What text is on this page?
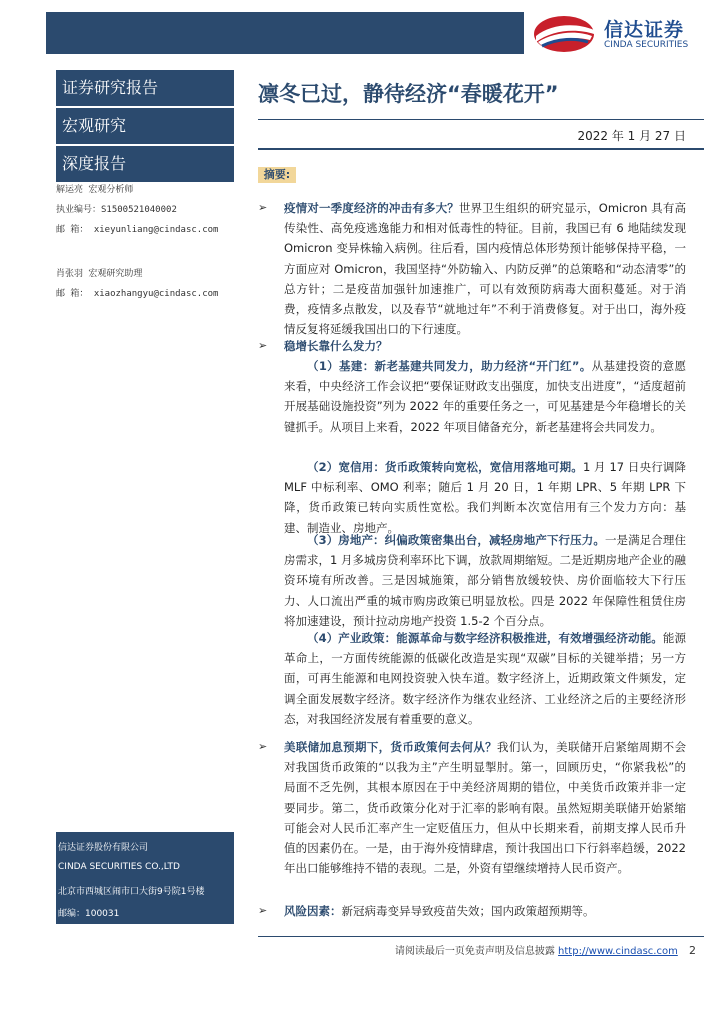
信达证券
CINDA SECURITIES
证券研究报告
宏观研究
深度报告
解运亮 宏观分析师
执业编号：S1500521040002
邮 箱： xieyunliang@cindasc.com
肖张羽 宏观研究助理
邮 箱： xiaozhangyu@cindasc.com
信达证券股份有限公司
CINDA SECURITIES CO.,LTD
北京市西城区闹市口大街9号院1号楼
邮编：100031
凛冬已过，静待经济“春暖花开”
2022 年 1 月 27 日
摘要:
➢ 疫情对一季度经济的冲击有多大？世界卫生组织的研究显示，Omicron 具有高传染性、高免疫逃逸能力和相对低毒性的特征。目前，我国已有 6 地陆续发现 Omicron 变异株输入病例。往后看，国内疫情总体形势预计能够保持平稳，一方面应对 Omicron，我国坚持“外防输入、内防反弹”的总策略和“动态清零”的总方针；二是疫苗加强针加速推广，可以有效预防病毒大面积蔓延。对于消费，疫情多点散发，以及春节“就地过年”不利于消费修复。对于出口，海外疫情反复将延缓我国出口的下行速度。
➢ 稳增长靠什么发力？
（1）基建：新老基建共同发力，助力经济“开门红”。从基建投资的意愿来看，中央经济工作会议把“要保证财政支出强度，加快支出进度”，“适度超前开展基础设施投资”列为 2022 年的重要任务之一，可见基建是今年稳增长的关键抓手。从项目上来看，2022 年项目储备充分，新老基建将会共同发力。
（2）宽信用：货币政策转向宽松，宽信用落地可期。1 月 17 日央行调降 MLF 中标利率、OMO 利率；随后 1 月 20 日，1 年期 LPR、5 年期 LPR 下降，货币政策已转向实质性宽松。我们判断本次宽信用有三个发力方向：基建、制造业、房地产。
（3）房地产：纠偏政策密集出台，减轻房地产下行压力。一是满足合理住房需求，1 月多城房贷利率环比下调，放款周期缩短。二是近期房地产企业的融资环境有所改善。三是因城施策，部分销售放缓较快、房价面临较大下行压力、人口流出严重的城市购房政策已明显放松。四是 2022 年保障性租赁住房将加速建设，预计拉动房地产投资 1.5-2 个百分点。
（4）产业政策：能源革命与数字经济积极推进，有效增强经济动能。能源革命上，一方面传统能源的低碳化改造是实现“双碳”目标的关键举措；另一方面，可再生能源和电网投资驶入快车道。数字经济上，近期政策文件频发，定调全面发展数字经济。数字经济作为继农业经济、工业经济之后的主要经济形态，对我国经济发展有着重要的意义。
➢ 美联储加息预期下，货币政策何去何从？我们认为，美联储开启紧缩周期不会对我国货币政策的“以我为主”产生明显掣肘。第一，回顾历史，“你紧我松”的局面不乏先例，其根本原因在于中美经济周期的错位，中美货币政策并非一定要同步。第二，货币政策分化对于汇率的影响有限。虽然短期美联储开始紧缩可能会对人民币汇率产生一定贬值压力，但从中长期来看，前期支撑人民币升值的因素仍在。一是，由于海外疫情肆虐，预计我国出口下行斜率趋缓，2022 年出口能够维持不错的表现。二是，外资有望继续增持人民币资产。
➢ 风险因素：新冠病毒变异导致疫苗失效；国内政策超预期等。
请阅读最后一页免责声明及信息披露 http://www.cindasc.com 2
